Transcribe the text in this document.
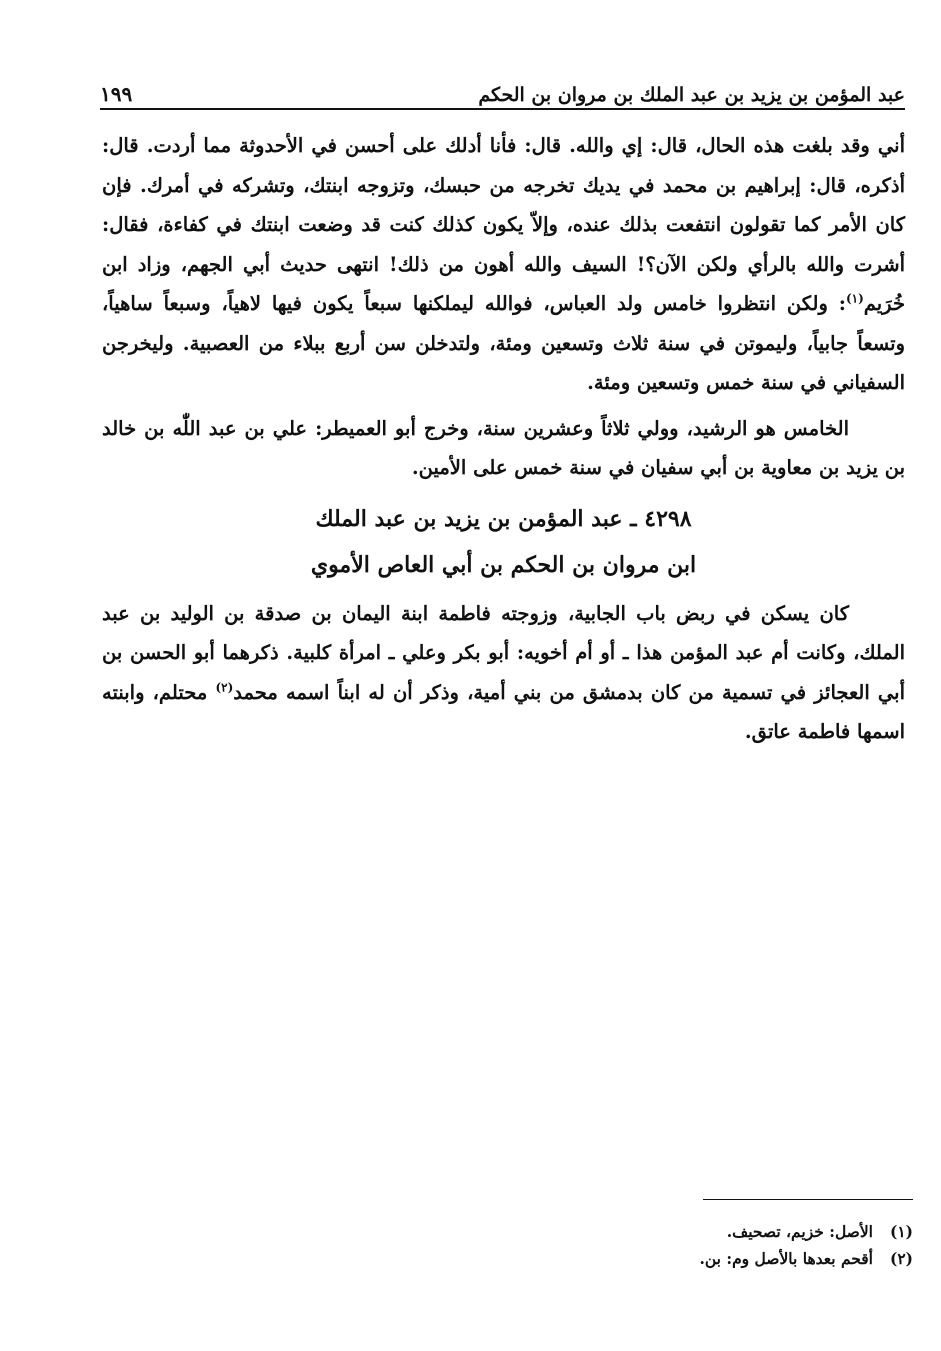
عبد المؤمن بن يزيد بن عبد الملك بن مروان بن الحكم
١٩٩

أني وقد بلغت هذه الحال، قال: إي والله. قال: فأنا أدلك على أحسن في الأحدوثة مما أردت. قال: أذكره، قال: إبراهيم بن محمد في يديك تخرجه من حبسك، وتزوجه ابنتك، وتشركه في أمرك. فإن كان الأمر كما تقولون انتفعت بذلك عنده، وإلاّ يكون كذلك كنت قد وضعت ابنتك في كفاءة، فقال: أشرت والله بالرأي ولكن الآن؟! السيف والله أهون من ذلك! انتهى حديث أبي الجهم، وزاد ابن خُرَيم$^{(١)}$: ولكن انتظروا خامس ولد العباس، فوالله ليملكنها سبعاً يكون فيها لاهياً، وسبعاً ساهياً، وتسعاً جابياً، وليموتن في سنة ثلاث وتسعين ومئة، ولتدخلن سن أربع ببلاء من العصبية. وليخرجن السفياني في سنة خمس وتسعين ومئة.

الخامس هو الرشيد، وولي ثلاثاً وعشرين سنة، وخرج أبو العميطر: علي بن عبد اللّٰه بن خالد بن يزيد بن معاوية بن أبي سفيان في سنة خمس على الأمين.

٤٢٩٨ ـ عبد المؤمن بن يزيد بن عبد الملك
ابن مروان بن الحكم بن أبي العاص الأموي

كان يسكن في ربض باب الجابية، وزوجته فاطمة ابنة اليمان بن صدقة بن الوليد بن عبد الملك، وكانت أم عبد المؤمن هذا ـ أو أم أخويه: أبو بكر وعلي ـ امرأة كلبية. ذكرهما أبو الحسن بن أبي العجائز في تسمية من كان بدمشق من بني أمية، وذكر أن له ابناً اسمه محمد$^{(٢)}$ محتلم، وابنته اسمها فاطمة عاتق.

(١)
الأصل: خزيم، تصحيف.
(٢)
أقحم بعدها بالأصل وم: بن.
